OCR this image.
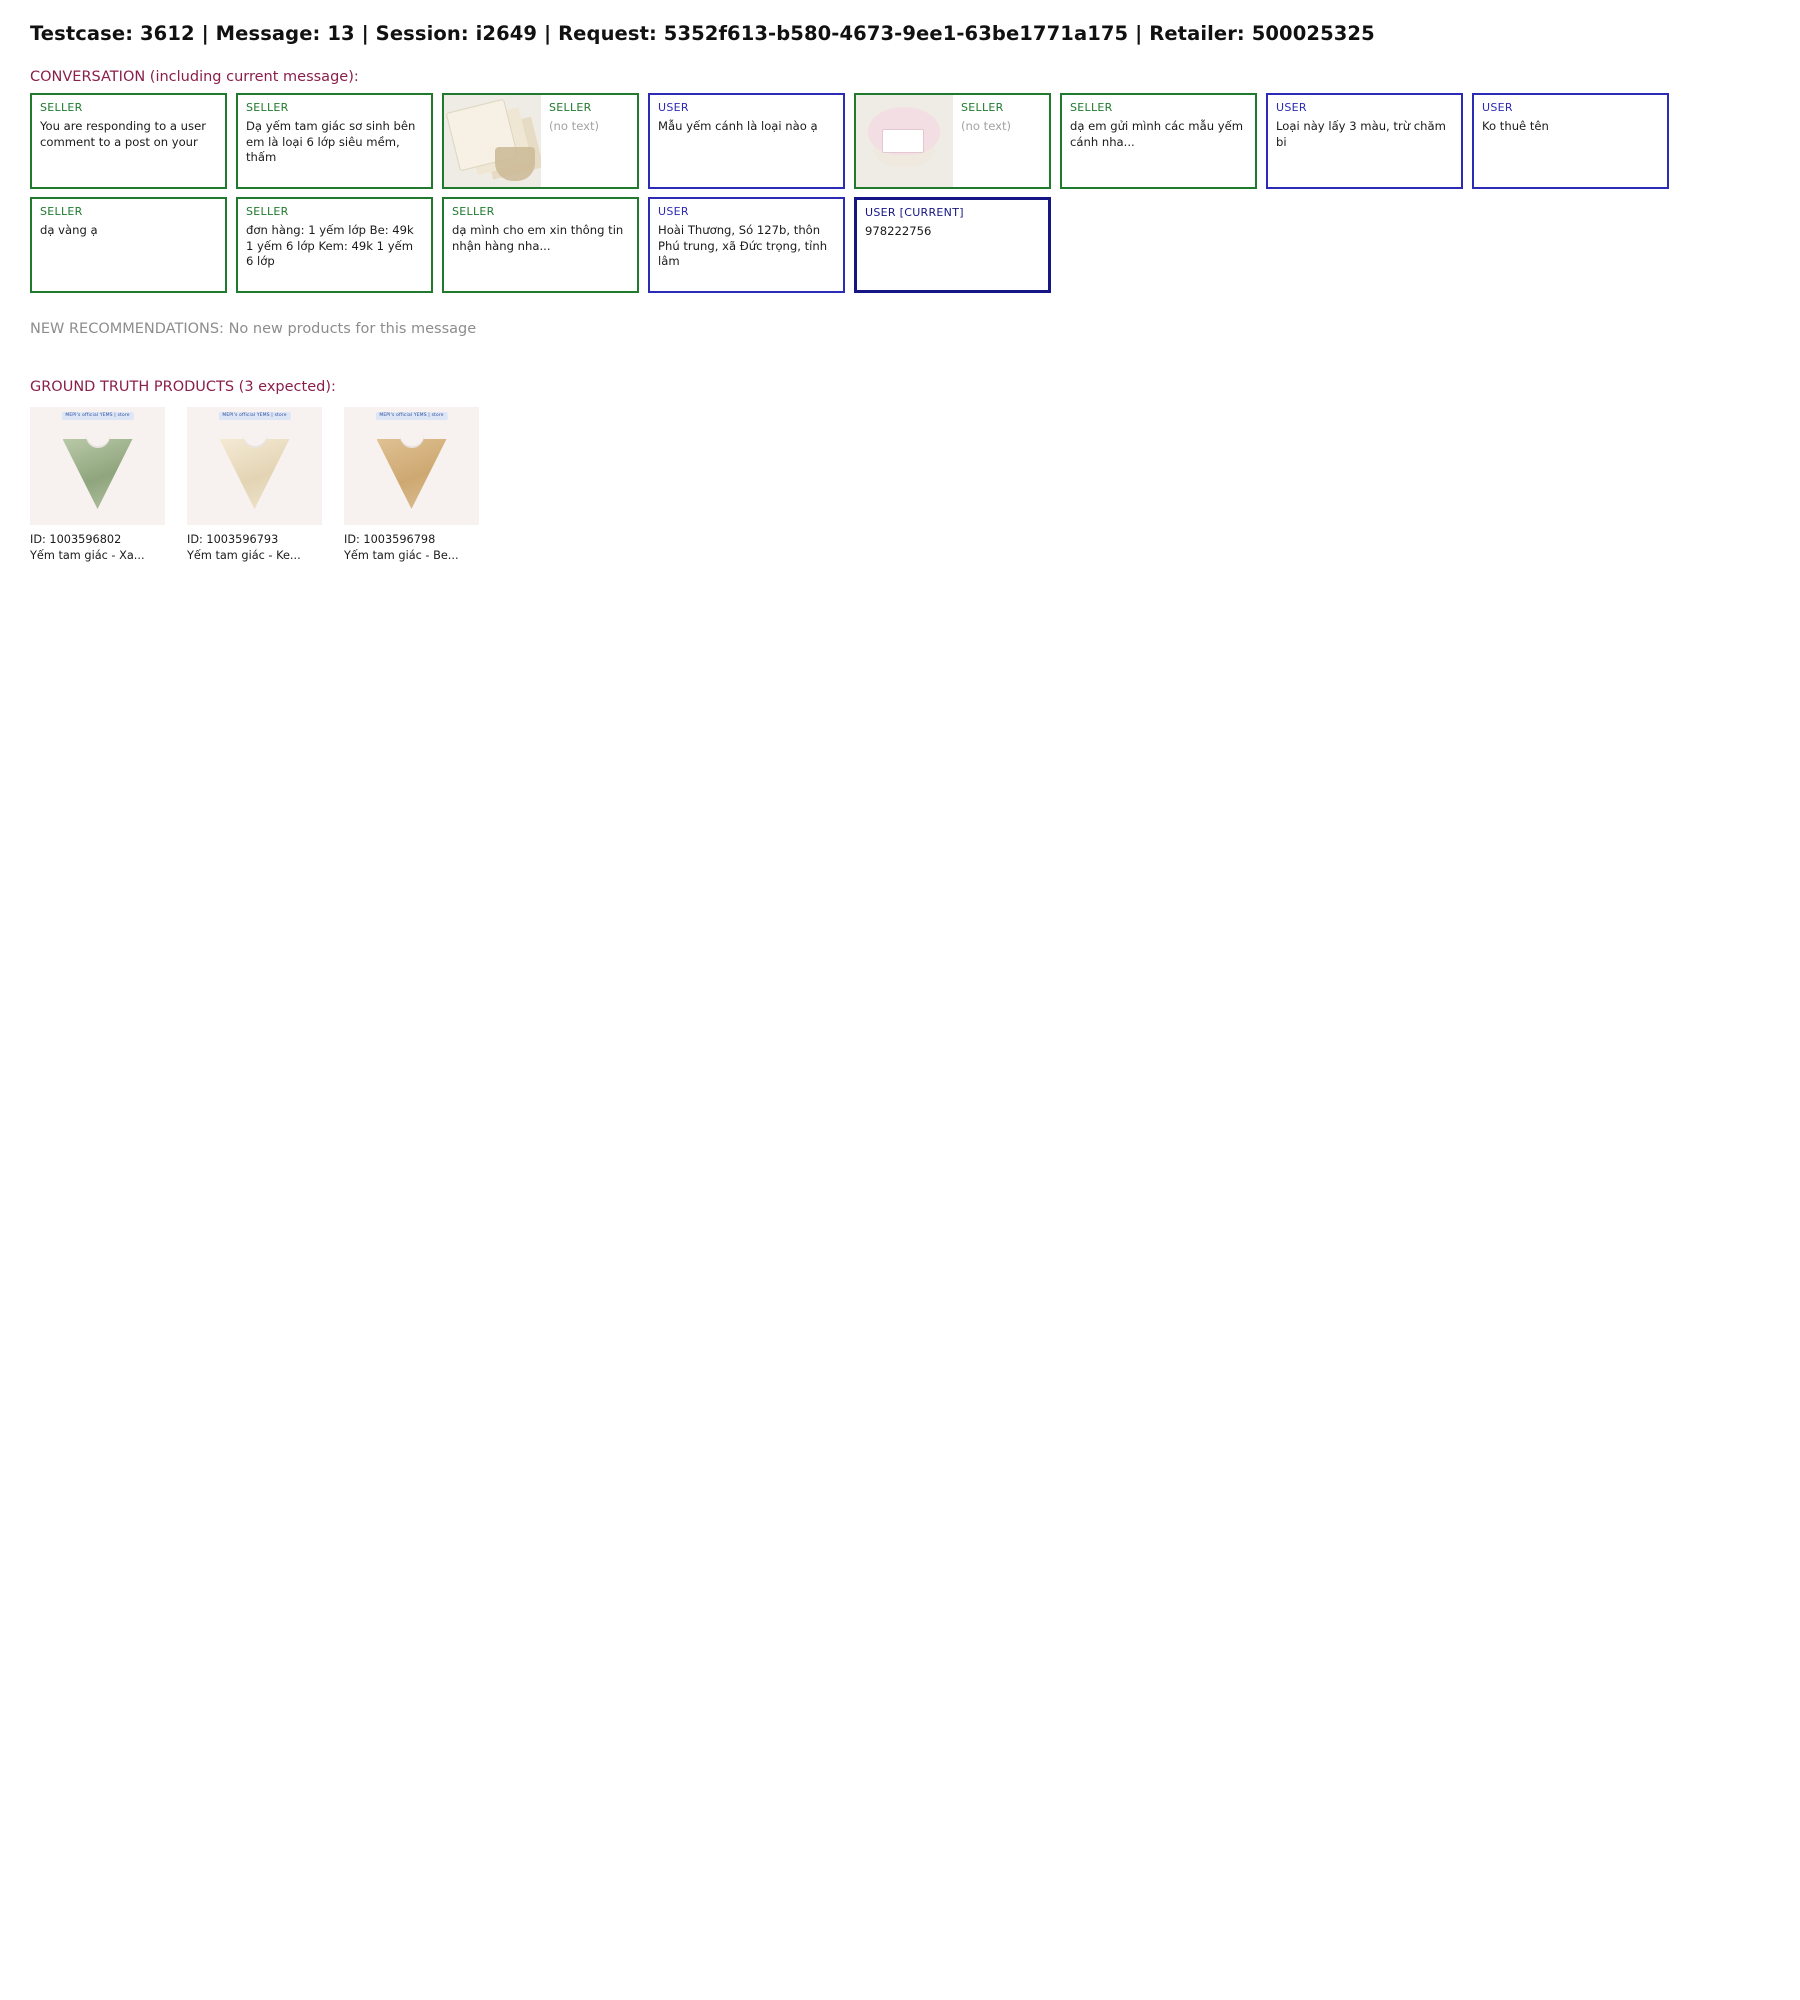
Testcase: 3612 | Message: 13 | Session: i2649 | Request: 5352f613-b580-4673-9ee1-63be1771a175 | Retailer: 500025325
CONVERSATION (including current message):
SELLER
You are responding to a user comment to a post on your
SELLER
Dạ yếm tam giác sơ sinh bên em là loại 6 lớp siêu mềm, thấm
SELLER
(no text)
USER
Mẫu yếm cánh là loại nào ạ
SELLER
(no text)
SELLER
dạ em gửi mình các mẫu yếm cánh nha...
USER
Loại này lấy 3 màu, trừ chăm bi
USER
Ko thuê tên
SELLER
dạ vàng ạ
SELLER
đơn hàng: 1 yếm lớp Be: 49k 1 yếm 6 lớp Kem: 49k 1 yếm 6 lớp
SELLER
dạ mình cho em xin thông tin nhận hàng nha...
USER
Hoài Thương, Só 127b, thôn Phú trung, xã Đức trọng, tỉnh lâm
USER [CURRENT]
978222756
NEW RECOMMENDATIONS: No new products for this message
GROUND TRUTH PRODUCTS (3 expected):
MEPI's official YEMS | store
ID: 1003596802
Yếm tam giác - Xa...
MEPI's official YEMS | store
ID: 1003596793
Yếm tam giác - Ke...
MEPI's official YEMS | store
ID: 1003596798
Yếm tam giác - Be...
